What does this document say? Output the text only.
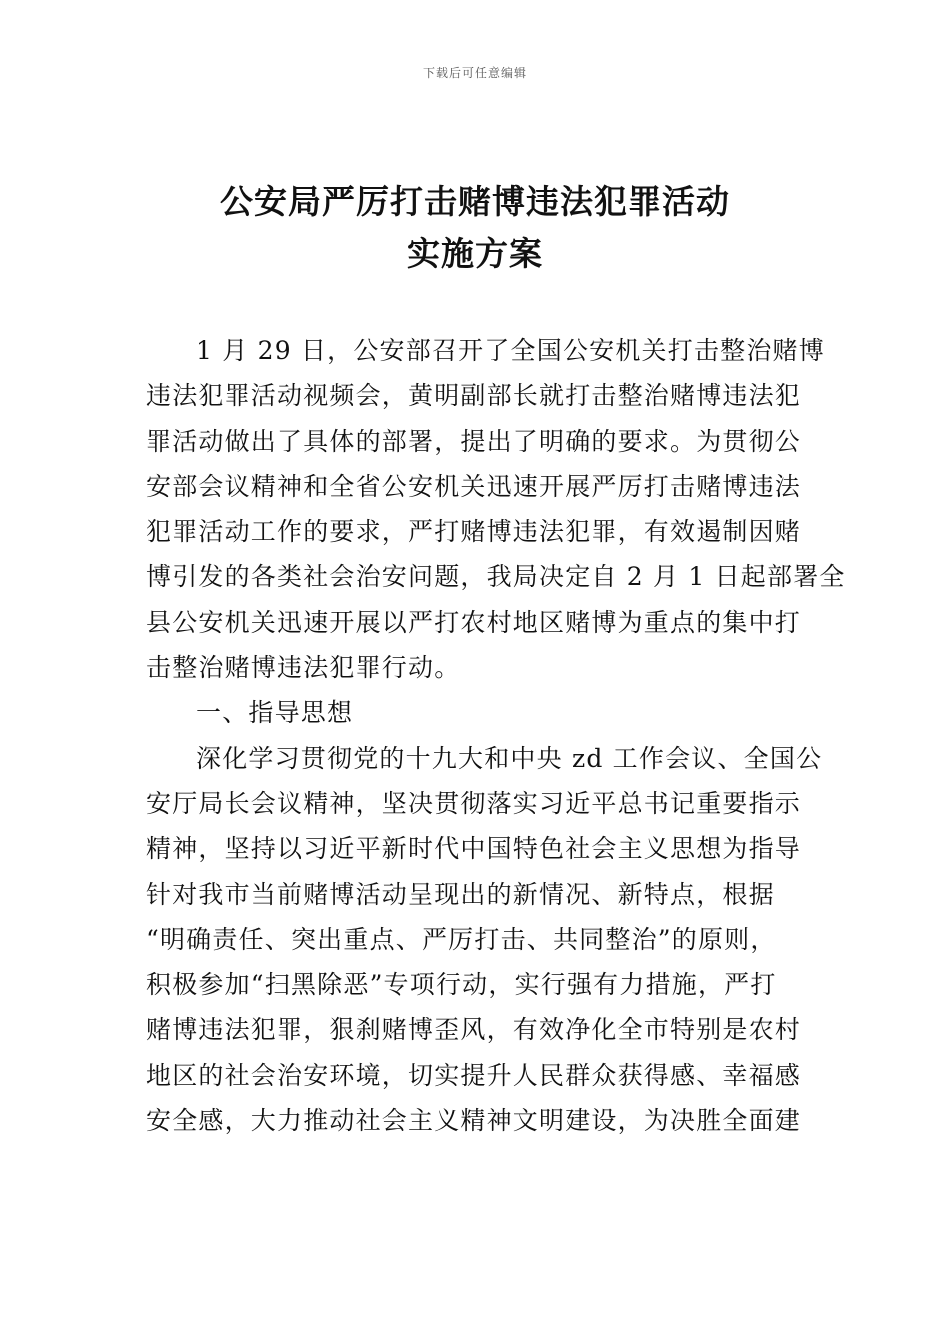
下载后可任意编辑
公安局严厉打击赌博违法犯罪活动
实施方案

1 月 29 日，公安部召开了全国公安机关打击整治赌博

违法犯罪活动视频会，黄明副部长就打击整治赌博违法犯
罪活动做出了具体的部署，提出了明确的要求。为贯彻公
安部会议精神和全省公安机关迅速开展严厉打击赌博违法
犯罪活动工作的要求，严打赌博违法犯罪，有效遏制因赌
博引发的各类社会治安问题，我局决定自 2 月 1 日起部署全
县公安机关迅速开展以严打农村地区赌博为重点的集中打
击整治赌博违法犯罪行动。

一、指导思想

深化学习贯彻党的十九大和中央 zd 工作会议、全国公

安厅局长会议精神，坚决贯彻落实习近平总书记重要指示
精神，坚持以习近平新时代中国特色社会主义思想为指导
针对我市当前赌博活动呈现出的新情况、新特点，根据
“明确责任、突出重点、严厉打击、共同整治”的原则，
积极参加“扫黑除恶”专项行动，实行强有力措施，严打
赌博违法犯罪，狠刹赌博歪风，有效净化全市特别是农村
地区的社会治安环境，切实提升人民群众获得感、幸福感
安全感，大力推动社会主义精神文明建设，为决胜全面建
